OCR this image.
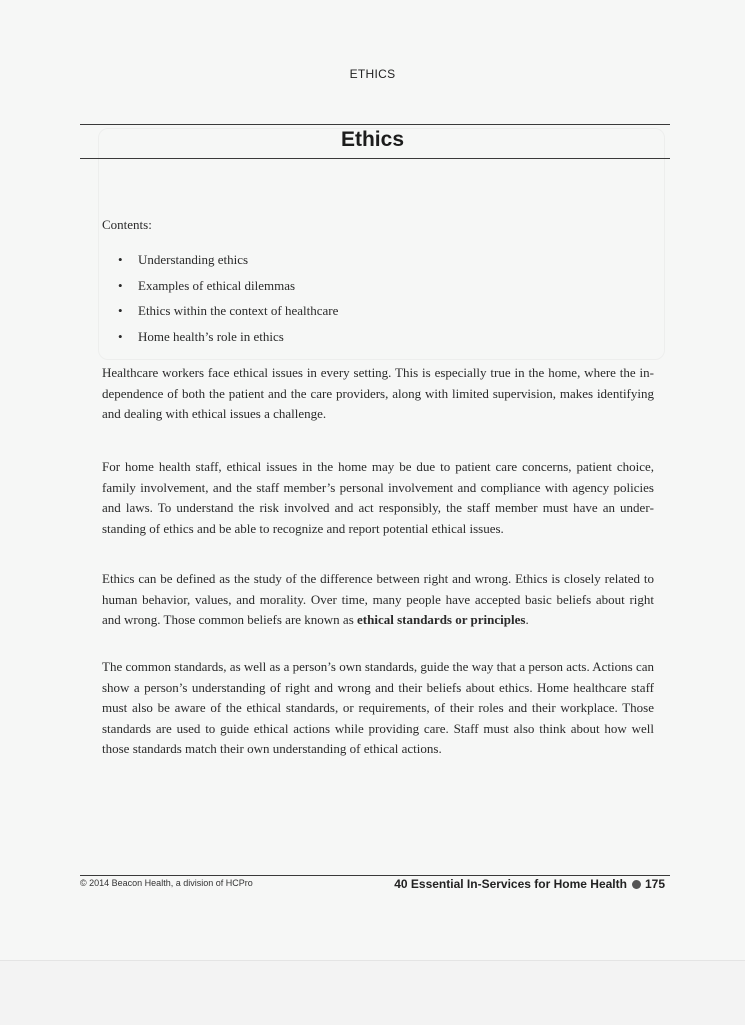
ETHICS
Ethics
Contents:
• Understanding ethics
• Examples of ethical dilemmas
• Ethics within the context of healthcare
• Home health’s role in ethics

Healthcare workers face ethical issues in every setting. This is especially true in the home, where the independence of both the patient and the care providers, along with limited supervision, makes identifying and dealing with ethical issues a challenge.

For home health staff, ethical issues in the home may be due to patient care concerns, patient choice, family involvement, and the staff member’s personal involvement and compliance with agency policies and laws. To understand the risk involved and act responsibly, the staff member must have an understanding of ethics and be able to recognize and report potential ethical issues.

Ethics can be defined as the study of the difference between right and wrong. Ethics is closely related to human behavior, values, and morality. Over time, many people have accepted basic beliefs about right and wrong. Those common beliefs are known as ethical standards or principles.

The common standards, as well as a person’s own standards, guide the way that a person acts. Actions can show a person’s understanding of right and wrong and their beliefs about ethics. Home healthcare staff must also be aware of the ethical standards, or requirements, of their roles and their workplace. Those standards are used to guide ethical actions while providing care. Staff must also think about how well those standards match their own understanding of ethical actions.

© 2014 Beacon Health, a division of HCPro	40 Essential In-Services for Home Health 175
